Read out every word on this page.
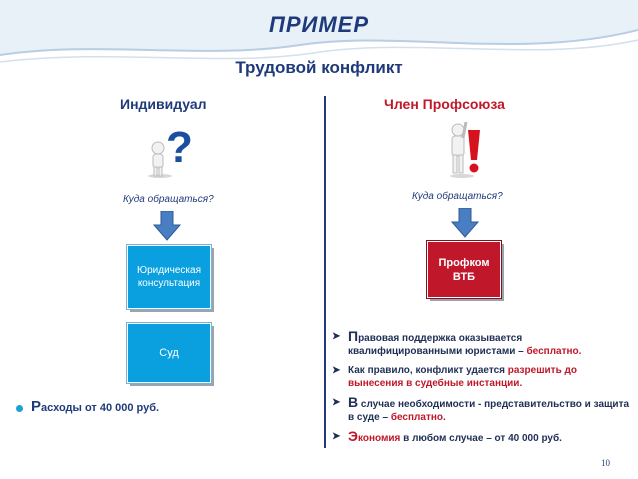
ПРИМЕР
Трудовой конфликт
Индивидуал
?
Куда обращаться?
Юридическая консультация
Суд
Расходы от 40 000 руб.
Член Профсоюза
Куда обращаться?
Профком ВТБ
➤ Правовая поддержка оказывается квалифицированными юристами – бесплатно.
➤ Как правило, конфликт удается разрешить до вынесения в судебные инстанции.
➤ В случае необходимости - представительство и защита в суде – бесплатно.
➤ Экономия в любом случае – от 40 000 руб.
10
